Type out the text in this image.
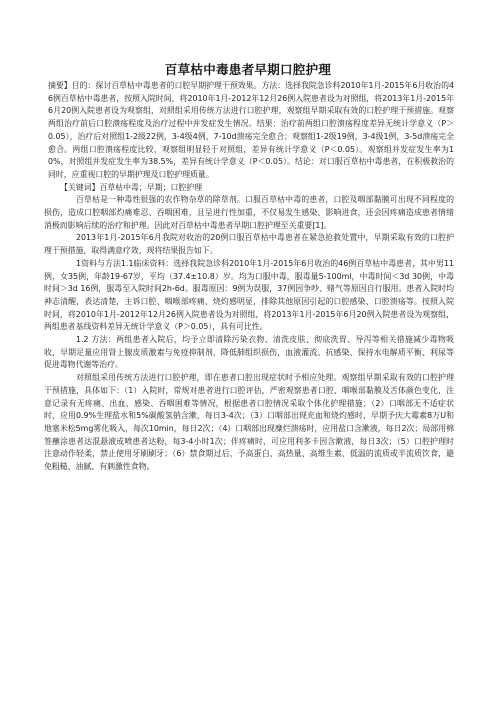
百草枯中毒患者早期口腔护理

摘要】目的：探讨百草枯中毒患者的口腔早期护理干预效果。方法：选择我院急诊科2010年1月-2015年6月收治的46例百草枯中毒患者，按照入院时间，将2010年1月-2012年12月26例入院患者设为对照组，将2013年1月-2015年6月20例入院患者设为观察组，对照组采用传统方法进行口腔护理，观察组早期采取有效的口腔护理干预措施。观察两组治疗前后口腔溃疡程度及治疗过程中并发症发生情况。结果：治疗前两组口腔溃疡程度差异无统计学意义（P＞0.05），治疗后对照组1-2级22例，3-4级4例，7-10d溃疡完全愈合；观察组1-2级19例，3-4级1例，3-5d溃疡完全愈合。两组口腔溃疡程度比较，观察组明显轻于对照组，差异有统计学意义（P＜0.05）。观察组并发症发生率为10%，对照组并发症发生率为38.5%，差异有统计学意义（P＜0.05）。结论：对口服百草枯中毒患者，在积极救治的同时，应重视口腔的早期护理及口腔护理质量。

【关键词】百草枯中毒；早期；口腔护理

百草枯是一种毒性很强的农作物杂草的除草剂。口服百草枯中毒的患者，口腔及咽部黏膜可出现不同程度的损伤，造成口腔咽部灼痛难忍、吞咽困难，且呈进行性加重，不仅易发生感染、影响进食，还会因疼痛造成患者情绪消极而影响后续的治疗和护理。因此对百草枯中毒患者早期口腔护理至关重要[1]。

2013年1月-2015年6月我院对收治的20例口服百草枯中毒患者在紧急抢救处置中，早期采取有效的口腔护理干预措施，取得满意疗效，现将结果报告如下。

1资料与方法1.1临床资料：选择我院急诊科2010年1月-2015年6月收治的46例百草枯中毒患者，其中男11例，女35例，年龄19-67岁，平均（37.4±10.8）岁。均为口服中毒，服毒量5-100ml，中毒时间＜3d 30例，中毒时间＞3d 16例，服毒至入院时间2h-6d。服毒原因：9例为误服，37例因争吵、赌气等原因自行服用。患者入院时均神志清醒，表达清楚，主诉口腔、咽喉部疼痛、烧灼感明显，排除其他原因引起的口腔感染、口腔溃疡等。按照入院时间，将2010年1月-2012年12月26例入院患者设为对照组，将2013年1月-2015年6月20例入院患者设为观察组，两组患者基线资料差异无统计学意义（P＞0.05），具有可比性。

1.2 方法：两组患者入院后，均予立即清除污染衣物、清洗皮肤、彻底洗胃、导泻等相关措施减少毒物吸收，早期足量应用肾上腺皮质激素与免疫抑制剂，降低肺组织损伤，血液灌流、抗感染、保持水电解质平衡、利尿等促进毒物代谢等治疗。

对照组采用传统方法进行口腔护理，即在患者口腔出现症状时予相应处理。观察组早期采取有效的口腔护理干预措施，具体如下：（1）入院时，常规对患者进行口腔评估，严密观察患者口腔、咽喉部黏膜及舌体颜色变化，注意记录有无疼痛、出血、感染、吞咽困难等情况，根据患者口腔情况采取个体化护理措施；（2）口咽部无不适症状时，应用0.9%生理盐水和5%碳酸氢钠含漱，每日3-4次；（3）口咽部出现充血和烧灼感时，早期予庆大霉素8万U和地塞米松5mg雾化吸入，每次10min，每日2次；（4）口咽部出现糜烂溃疡时，应用盐口含漱液，每日2次；局部用棉签蘸涂患者达混悬液或喷患者达粉，每3-4小时1次；伴疼痛时，可应用利多卡因含漱液，每日3次；（5）口腔护理时注意动作轻柔，禁止使用牙刷刷牙；（6）禁食期过后，予高蛋白、高热量、高维生素、低温的流质或半流质饮食，避免粗糙、油腻、有刺激性食物。
